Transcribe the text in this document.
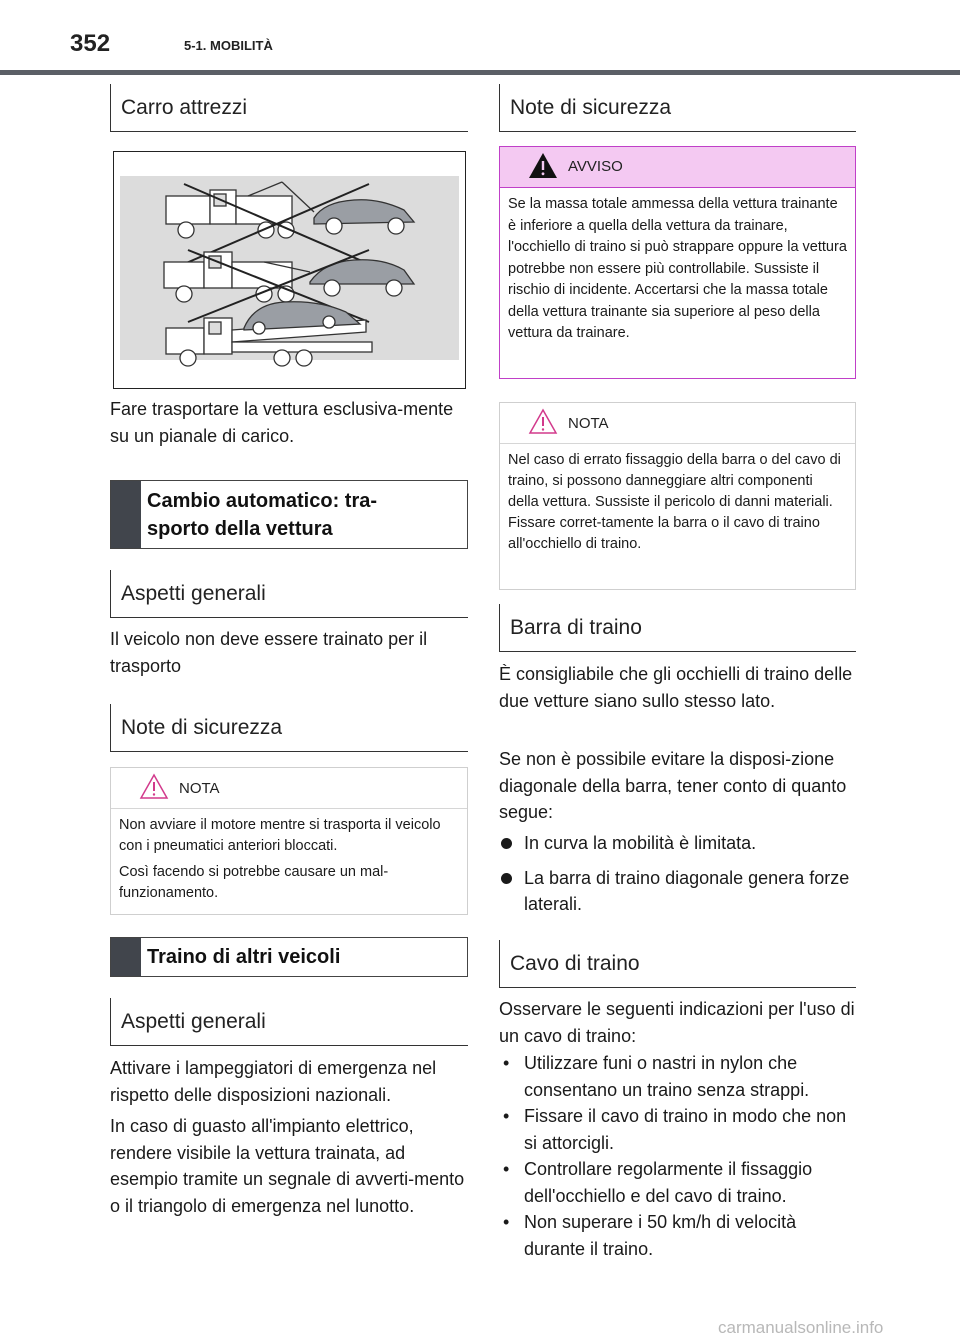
352	5-1. MOBILITÀ
Carro attrezzi
Fare trasportare la vettura esclusiva-mente su un pianale di carico.
Cambio automatico: tra-
sporto della vettura
Aspetti generali
Il veicolo non deve essere trainato per il trasporto
Note di sicurezza
NOTA

Non avviare il motore mentre si trasporta il veicolo con i pneumatici anteriori bloccati.

Così facendo si potrebbe causare un mal-funzionamento.

Traino di altri veicoli
Aspetti generali
Attivare i lampeggiatori di emergenza nel rispetto delle disposizioni nazionali.
In caso di guasto all'impianto elettrico, rendere visibile la vettura trainata, ad esempio tramite un segnale di avverti-mento o il triangolo di emergenza nel lunotto.
Note di sicurezza
AVVISO
Se la massa totale ammessa della vettura trainante è inferiore a quella della vettura da trainare, l'occhiello di traino si può strappare oppure la vettura potrebbe non essere più controllabile. Sussiste il rischio di incidente. Accertarsi che la massa totale della vettura trainante sia superiore al peso della vettura da trainare.
NOTA
Nel caso di errato fissaggio della barra o del cavo di traino, si possono danneggiare altri componenti della vettura. Sussiste il pericolo di danni materiali. Fissare corret-tamente la barra o il cavo di traino all'occhiello di traino.
Barra di traino
È consigliabile che gli occhielli di traino delle due vetture siano sullo stesso lato.
Se non è possibile evitare la disposi-zione diagonale della barra, tener conto di quanto segue:
In curva la mobilità è limitata.
La barra di traino diagonale genera forze laterali.
Cavo di traino
Osservare le seguenti indicazioni per l'uso di un cavo di traino:
• Utilizzare funi o nastri in nylon che consentano un traino senza strappi.
• Fissare il cavo di traino in modo che non si attorcigli.
• Controllare regolarmente il fissaggio dell'occhiello e del cavo di traino.
• Non superare i 50 km/h di velocità durante il traino.
carmanualsonline.info
